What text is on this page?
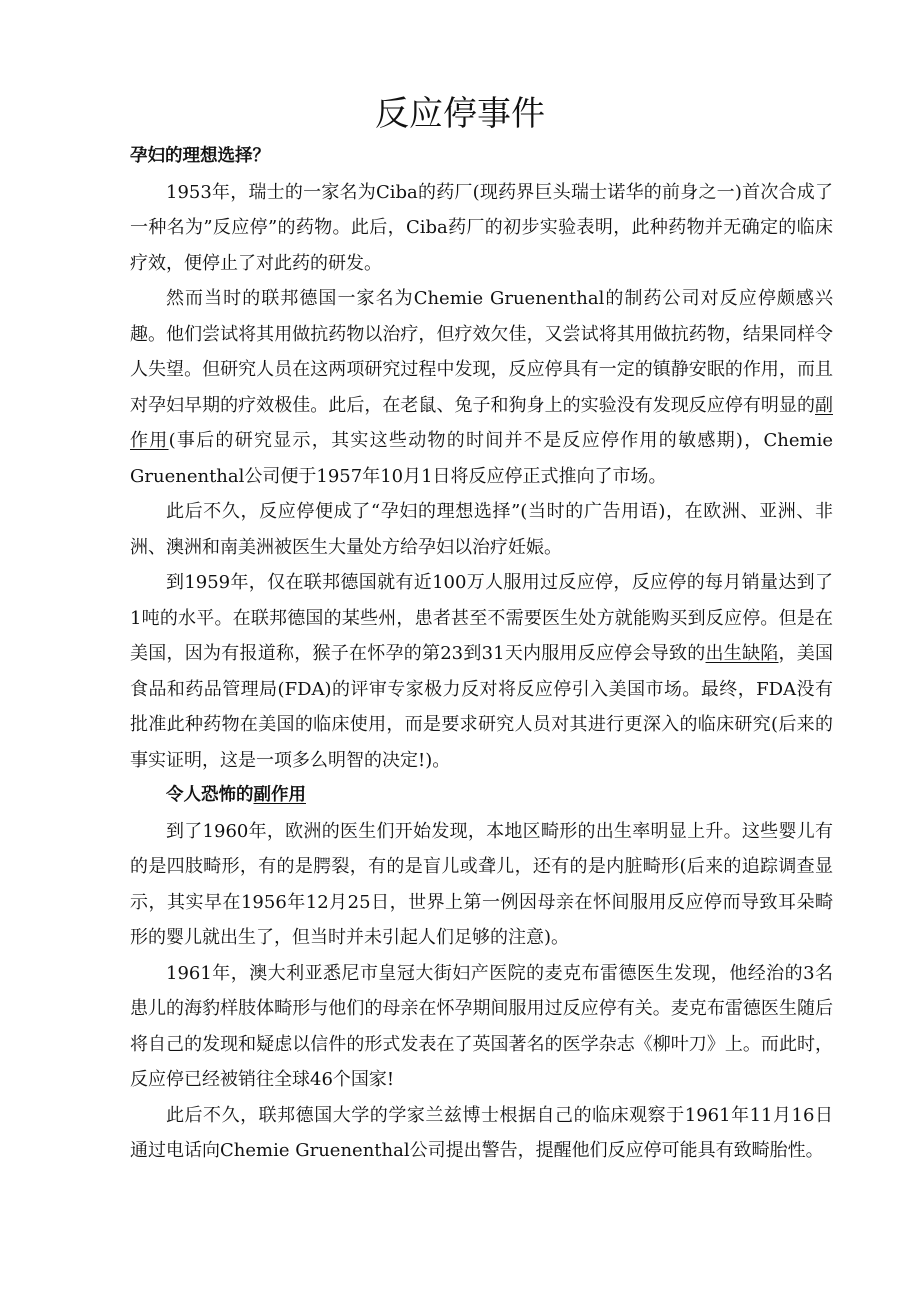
反应停事件

孕妇的理想选择？

1953年，瑞士的一家名为Ciba的药厂(现药界巨头瑞士诺华的前身之一)首次合成了一种名为”反应停”的药物。此后，Ciba药厂的初步实验表明，此种药物并无确定的临床疗效，便停止了对此药的研发。

然而当时的联邦德国一家名为Chemie Gruenenthal的制药公司对反应停颇感兴趣。他们尝试将其用做抗药物以治疗，但疗效欠佳，又尝试将其用做抗药物，结果同样令人失望。但研究人员在这两项研究过程中发现，反应停具有一定的镇静安眠的作用，而且对孕妇早期的疗效极佳。此后，在老鼠、兔子和狗身上的实验没有发现反应停有明显的副作用(事后的研究显示，其实这些动物的时间并不是反应停作用的敏感期)，Chemie Gruenenthal公司便于1957年10月1日将反应停正式推向了市场。

此后不久，反应停便成了“孕妇的理想选择”(当时的广告用语)，在欧洲、亚洲、非洲、澳洲和南美洲被医生大量处方给孕妇以治疗妊娠。

到1959年，仅在联邦德国就有近100万人服用过反应停，反应停的每月销量达到了1吨的水平。在联邦德国的某些州，患者甚至不需要医生处方就能购买到反应停。但是在美国，因为有报道称，猴子在怀孕的第23到31天内服用反应停会导致的出生缺陷，美国食品和药品管理局(FDA)的评审专家极力反对将反应停引入美国市场。最终，FDA没有批准此种药物在美国的临床使用，而是要求研究人员对其进行更深入的临床研究(后来的事实证明，这是一项多么明智的决定!)。

令人恐怖的副作用

到了1960年，欧洲的医生们开始发现，本地区畸形的出生率明显上升。这些婴儿有的是四肢畸形，有的是腭裂，有的是盲儿或聋儿，还有的是内脏畸形(后来的追踪调查显示，其实早在1956年12月25日，世界上第一例因母亲在怀间服用反应停而导致耳朵畸形的婴儿就出生了，但当时并未引起人们足够的注意)。

1961年，澳大利亚悉尼市皇冠大街妇产医院的麦克布雷德医生发现，他经治的3名患儿的海豹样肢体畸形与他们的母亲在怀孕期间服用过反应停有关。麦克布雷德医生随后将自己的发现和疑虑以信件的形式发表在了英国著名的医学杂志《柳叶刀》上。而此时，反应停已经被销往全球46个国家!

此后不久，联邦德国大学的学家兰兹博士根据自己的临床观察于1961年11月16日通过电话向Chemie Gruenenthal公司提出警告，提醒他们反应停可能具有致畸胎性。
